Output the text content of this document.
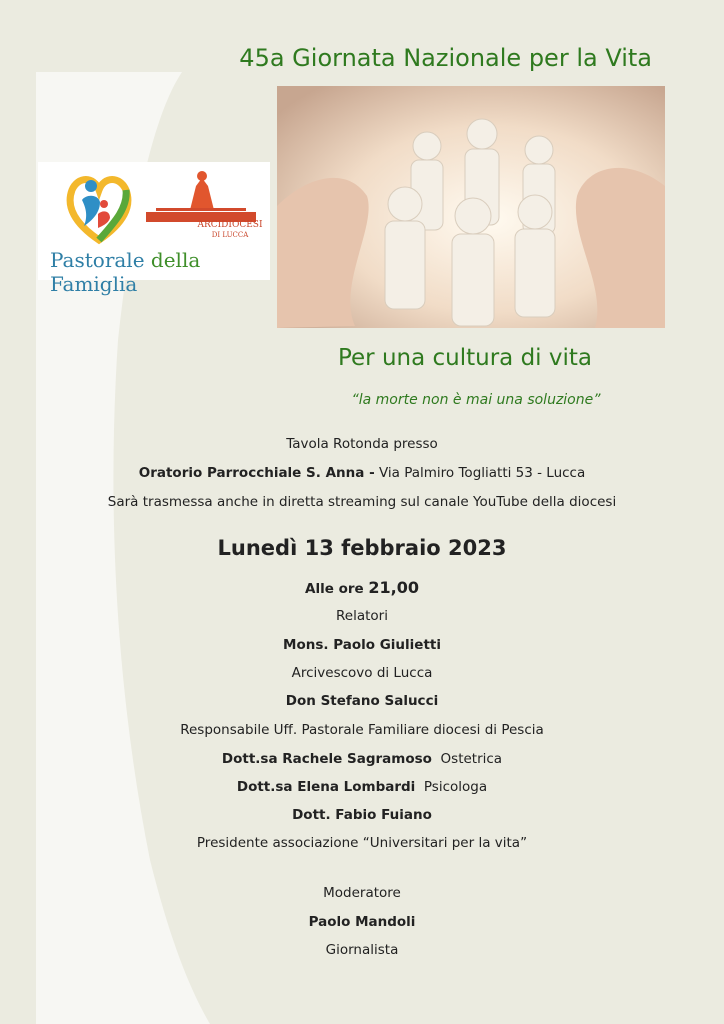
45a Giornata Nazionale per la Vita
ARCIDIOCESI
DI LUCCA
Pastorale della Famiglia
Per una cultura di vita
“la morte non è mai una soluzione”
Tavola Rotonda presso
Oratorio Parrocchiale S. Anna - Via Palmiro Togliatti 53 - Lucca
Sarà trasmessa anche in diretta streaming sul canale YouTube della diocesi
Lunedì 13 febbraio 2023
Alle ore 21,00
Relatori
Mons. Paolo Giulietti
Arcivescovo di Lucca
Don Stefano Salucci
Responsabile Uff. Pastorale Familiare diocesi di Pescia
Dott.sa Rachele Sagramoso  Ostetrica
Dott.sa Elena Lombardi  Psicologa
Dott. Fabio Fuiano
Presidente associazione “Universitari per la vita”
Moderatore
Paolo Mandoli
Giornalista
